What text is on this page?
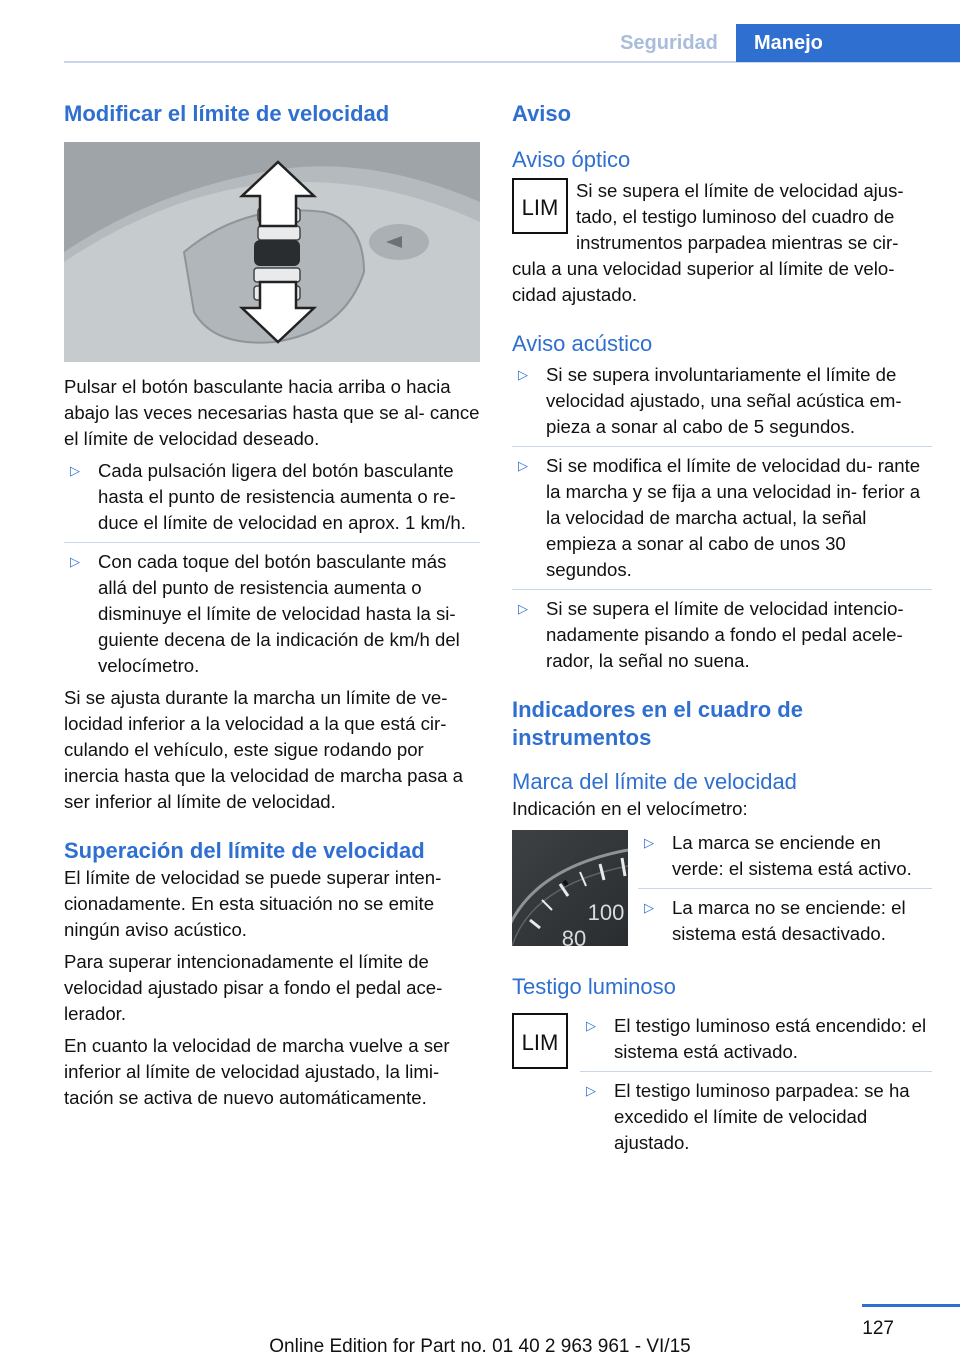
Seguridad	Manejo
Modificar el límite de velocidad

Pulsar el botón basculante hacia arriba o hacia abajo las veces necesarias hasta que se al‐ cance el límite de velocidad deseado.

▷ Cada pulsación ligera del botón basculante hasta el punto de resistencia aumenta o re‐ duce el límite de velocidad en aprox. 1 km/h.
▷ Con cada toque del botón basculante más allá del punto de resistencia aumenta o disminuye el límite de velocidad hasta la si‐ guiente decena de la indicación de km/h del velocímetro.

Si se ajusta durante la marcha un límite de ve‐ locidad inferior a la velocidad a la que está cir‐ culando el vehículo, este sigue rodando por inercia hasta que la velocidad de marcha pasa a ser inferior al límite de velocidad.

Superación del límite de velocidad

El límite de velocidad se puede superar inten‐ cionadamente. En esta situación no se emite ningún aviso acústico.

Para superar intencionadamente el límite de velocidad ajustado pisar a fondo el pedal ace‐ lerador.

En cuanto la velocidad de marcha vuelve a ser inferior al límite de velocidad ajustado, la limi‐ tación se activa de nuevo automáticamente.

Aviso
Aviso óptico
LIM

Si se supera el límite de velocidad ajus‐ tado, el testigo luminoso del cuadro de instrumentos parpadea mientras se cir‐ cula a una velocidad superior al límite de velo‐ cidad ajustado.

Aviso acústico
▷ Si se supera involuntariamente el límite de velocidad ajustado, una señal acústica em‐ pieza a sonar al cabo de 5 segundos.
▷ Si se modifica el límite de velocidad du‐ rante la marcha y se fija a una velocidad in‐ ferior a la velocidad de marcha actual, la señal empieza a sonar al cabo de unos 30 segundos.
▷ Si se supera el límite de velocidad intencio‐ nadamente pisando a fondo el pedal acele‐ rador, la señal no suena.
Indicadores en el cuadro de instrumentos
Marca del límite de velocidad

Indicación en el velocímetro:

100
80
▷ La marca se enciende en verde: el sistema está activo.
▷ La marca no se enciende: el sistema está desactivado.
Testigo luminoso
LIM
▷ El testigo luminoso está encendido: el sistema está activado.
▷ El testigo luminoso parpadea: se ha excedido el límite de velocidad ajustado.
127
Online Edition for Part no. 01 40 2 963 961 - VI/15
